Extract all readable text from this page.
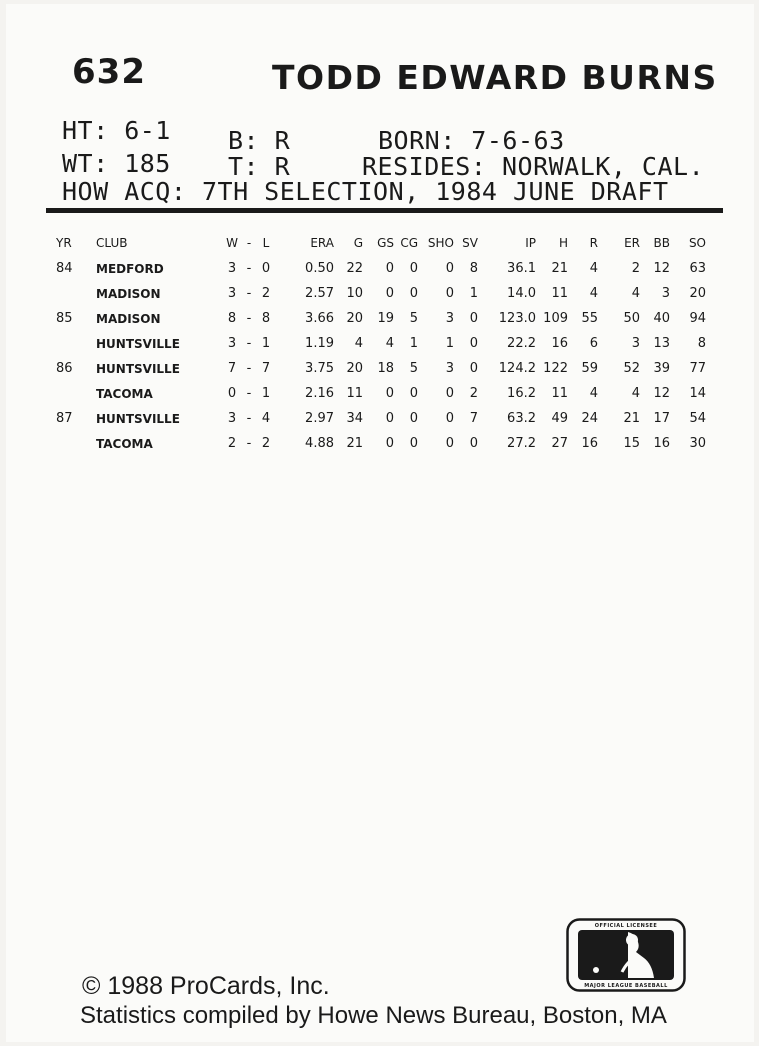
632	TODD EDWARD BURNS
HT: 6-1 B: R	BORN: 7-6-63
WT: 185 T: R	RESIDES: NORWALK, CAL.
HOW ACQ: 7TH SELECTION, 1984 JUNE DRAFT
YR	CLUB	W	-	L	ERA	G	GS	CG	SHO	SV	IP	H	R	ER	BB	SO
84	MEDFORD	3	-	0	0.50	22	0	0	0	8	36.1	21	4	2	12	63
	MADISON	3	-	2	2.57	10	0	0	0	1	14.0	11	4	4	3	20
85	MADISON	8	-	8	3.66	20	19	5	3	0	123.0	109	55	50	40	94
	HUNTSVILLE	3	-	1	1.19	4	4	1	1	0	22.2	16	6	3	13	8
86	HUNTSVILLE	7	-	7	3.75	20	18	5	3	0	124.2	122	59	52	39	77
	TACOMA	0	-	1	2.16	11	0	0	0	2	16.2	11	4	4	12	14
87	HUNTSVILLE	3	-	4	2.97	34	0	0	0	7	63.2	49	24	21	17	54
	TACOMA	2	-	2	4.88	21	0	0	0	0	27.2	27	16	15	16	30
© 1988 ProCards, Inc.
Statistics compiled by Howe News Bureau, Boston, MA
OFFICIAL LICENSEE
MAJOR LEAGUE BASEBALL
